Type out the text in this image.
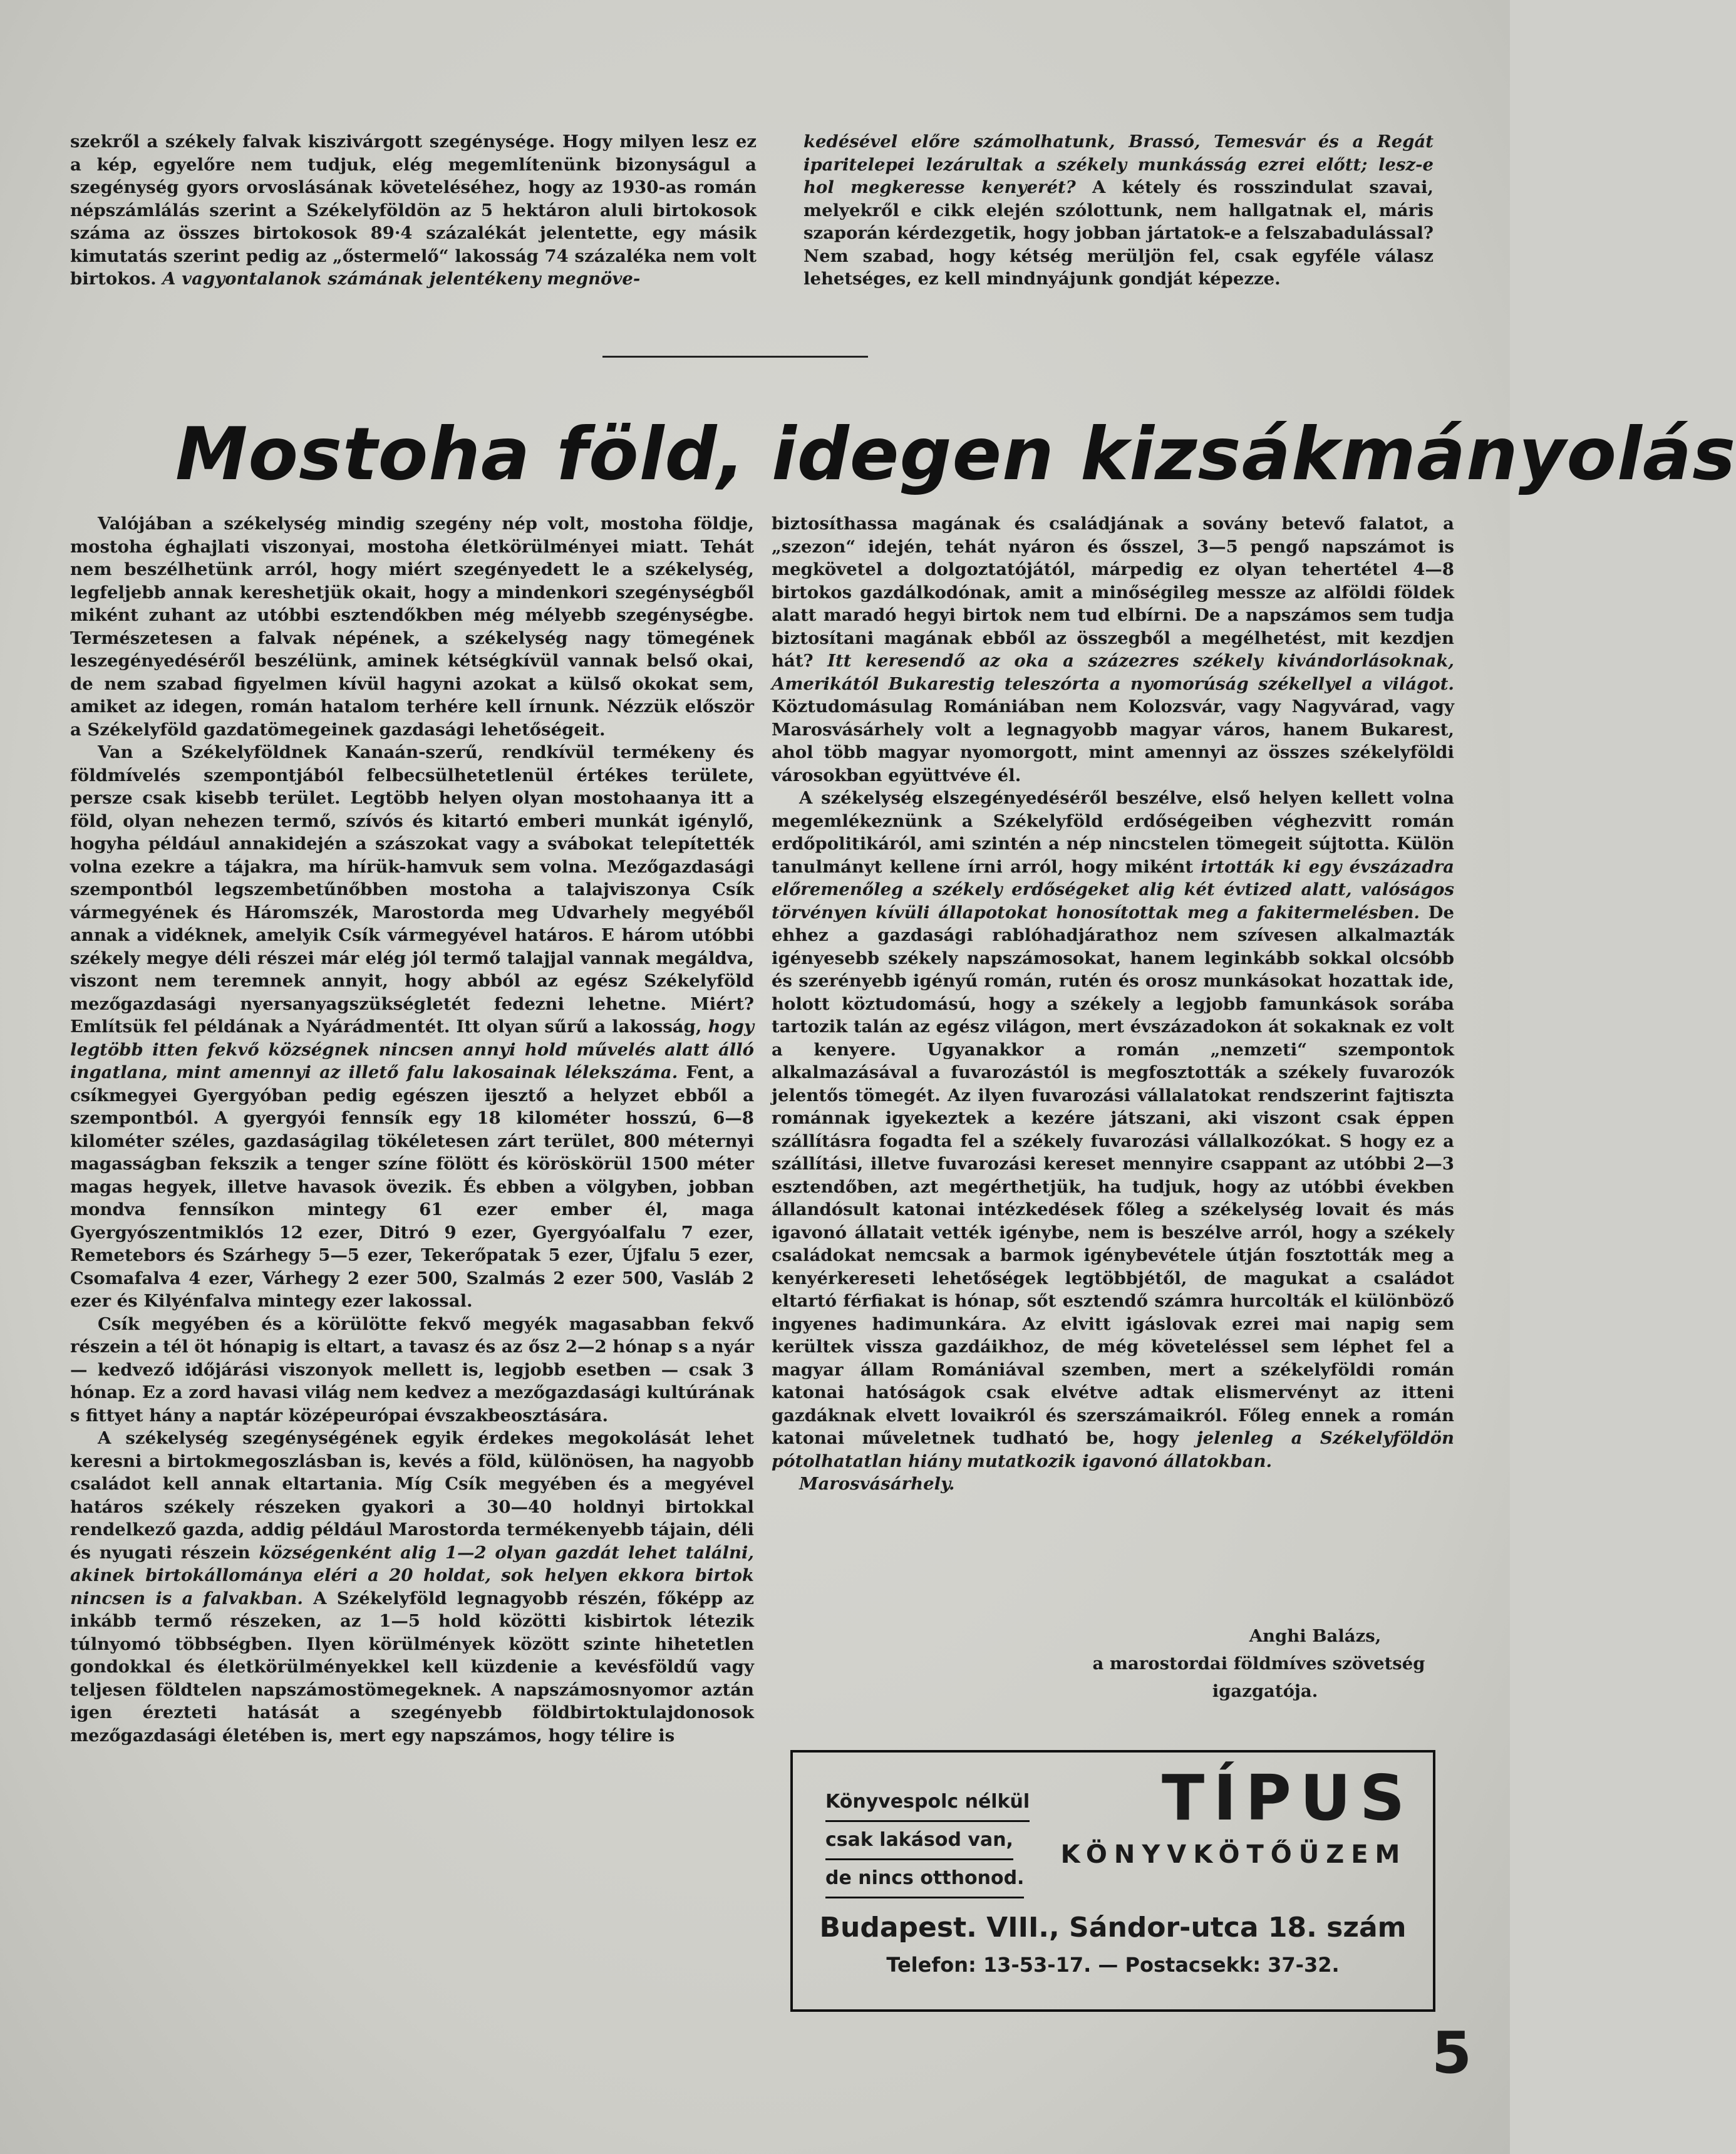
szekről a székely falvak kiszivárgott szegénysége. Hogy milyen lesz ez a kép, egyelőre nem tudjuk, elég megemlítenünk bizonyságul a szegénység gyors orvoslásának követeléséhez, hogy az 1930-as román népszámlálás szerint a Székelyföldön az 5 hektáron aluli birtokosok száma az összes birtokosok 89·4 százalékát jelentette, egy másik kimutatás szerint pedig az „őstermelő“ lakosság 74 százaléka nem volt birtokos. A vagyontalanok számának jelentékeny megnöve-

kedésével előre számolhatunk, Brassó, Temesvár és a Regát iparitelepei lezárultak a székely munkásság ezrei előtt; lesz-e hol megkeresse kenyerét? A kétely és rosszindulat szavai, melyekről e cikk elején szólottunk, nem hallgatnak el, máris szaporán kérdezgetik, hogy jobban jártatok-e a felszabadulással? Nem szabad, hogy kétség merüljön fel, csak egyféle válasz lehetséges, ez kell mindnyájunk gondját képezze.

Mostoha föld, idegen kizsákmányolás

Valójában a székelység mindig szegény nép volt, mostoha földje, mostoha éghajlati viszonyai, mostoha életkörülményei miatt. Tehát nem beszélhetünk arról, hogy miért szegényedett le a székelység, legfeljebb annak kereshetjük okait, hogy a mindenkori szegénységből miként zuhant az utóbbi esztendőkben még mélyebb szegénységbe. Természetesen a falvak népének, a székelység nagy tömegének leszegényedéséről beszélünk, aminek kétségkívül vannak belső okai, de nem szabad figyelmen kívül hagyni azokat a külső okokat sem, amiket az idegen, román hatalom terhére kell írnunk. Nézzük először a Székelyföld gazdatömegeinek gazdasági lehetőségeit.

Van a Székelyföldnek Kanaán-szerű, rendkívül termékeny és földmívelés szempontjából felbecsülhetetlenül értékes területe, persze csak kisebb terület. Legtöbb helyen olyan mostohaanya itt a föld, olyan nehezen termő, szívós és kitartó emberi munkát igénylő, hogyha például annakidején a szászokat vagy a svábokat telepítették volna ezekre a tájakra, ma hírük-hamvuk sem volna. Mezőgazdasági szempontból legszembetűnőbben mostoha a talajviszonya Csík vármegyének és Háromszék, Marostorda meg Udvarhely megyéből annak a vidéknek, amelyik Csík vármegyével határos. E három utóbbi székely megye déli részei már elég jól termő talajjal vannak megáldva, viszont nem teremnek annyit, hogy abból az egész Székelyföld mezőgazdasági nyersanyagszükségletét fedezni lehetne. Miért? Említsük fel példának a Nyárádmentét. Itt olyan sűrű a lakosság, hogy legtöbb itten fekvő községnek nincsen annyi hold művelés alatt álló ingatlana, mint amennyi az illető falu lakosainak lélekszáma. Fent, a csíkmegyei Gyergyóban pedig egészen ijesztő a helyzet ebből a szempontból. A gyergyói fennsík egy 18 kilométer hosszú, 6—8 kilométer széles, gazdaságilag tökéletesen zárt terület, 800 méternyi magasságban fekszik a tenger színe fölött és köröskörül 1500 méter magas hegyek, illetve havasok övezik. És ebben a völgyben, jobban mondva fennsíkon mintegy 61 ezer ember él, maga Gyergyószentmiklós 12 ezer, Ditró 9 ezer, Gyergyóalfalu 7 ezer, Remetebors és Szárhegy 5—5 ezer, Tekerőpatak 5 ezer, Újfalu 5 ezer, Csomafalva 4 ezer, Várhegy 2 ezer 500, Szalmás 2 ezer 500, Vasláb 2 ezer és Kilyénfalva mintegy ezer lakossal.

Csík megyében és a körülötte fekvő megyék magasabban fekvő részein a tél öt hónapig is eltart, a tavasz és az ősz 2—2 hónap s a nyár — kedvező időjárási viszonyok mellett is, legjobb esetben — csak 3 hónap. Ez a zord havasi világ nem kedvez a mezőgazdasági kultúrának s fittyet hány a naptár középeurópai évszakbeosztására.

A székelység szegénységének egyik érdekes megokolását lehet keresni a birtokmegoszlásban is, kevés a föld, különösen, ha nagyobb családot kell annak eltartania. Míg Csík megyében és a megyével határos székely részeken gyakori a 30—40 holdnyi birtokkal rendelkező gazda, addig például Marostorda termékenyebb tájain, déli és nyugati részein községenként alig 1—2 olyan gazdát lehet találni, akinek birtokállománya eléri a 20 holdat, sok helyen ekkora birtok nincsen is a falvakban. A Székelyföld legnagyobb részén, főképp az inkább termő részeken, az 1—5 hold közötti kisbirtok létezik túlnyomó többségben. Ilyen körülmények között szinte hihetetlen gondokkal és életkörülményekkel kell küzdenie a kevésföldű vagy teljesen földtelen napszámostömegeknek. A napszámosnyomor aztán igen érezteti hatását a szegényebb földbirtoktulajdonosok mezőgazdasági életében is, mert egy napszámos, hogy télire is

biztosíthassa magának és családjának a sovány betevő falatot, a „szezon“ idején, tehát nyáron és ősszel, 3—5 pengő napszámot is megkövetel a dolgoztatójától, márpedig ez olyan tehertétel 4—8 birtokos gazdálkodónak, amit a minőségileg messze az alföldi földek alatt maradó hegyi birtok nem tud elbírni. De a napszámos sem tudja biztosítani magának ebből az összegből a megélhetést, mit kezdjen hát? Itt keresendő az oka a százezres székely kivándorlásoknak, Amerikától Bukarestig teleszórta a nyomorúság székellyel a világot. Köztudomásulag Romániában nem Kolozsvár, vagy Nagyvárad, vagy Marosvásárhely volt a legnagyobb magyar város, hanem Bukarest, ahol több magyar nyomorgott, mint amennyi az összes székelyföldi városokban együttvéve él.

A székelység elszegényedéséről beszélve, első helyen kellett volna megemlékeznünk a Székelyföld erdőségeiben véghezvitt román erdőpolitikáról, ami szintén a nép nincstelen tömegeit sújtotta. Külön tanulmányt kellene írni arról, hogy miként irtották ki egy évszázadra előremenőleg a székely erdőségeket alig két évtized alatt, valóságos törvényen kívüli állapotokat honosítottak meg a fakitermelésben. De ehhez a gazdasági rablóhadjárathoz nem szívesen alkalmazták igényesebb székely napszámosokat, hanem leginkább sokkal olcsóbb és szerényebb igényű román, rutén és orosz munkásokat hozattak ide, holott köztudomású, hogy a székely a legjobb famunkások sorába tartozik talán az egész világon, mert évszázadokon át sokaknak ez volt a kenyere. Ugyanakkor a román „nemzeti“ szempontok alkalmazásával a fuvarozástól is megfosztották a székely fuvarozók jelentős tömegét. Az ilyen fuvarozási vállalatokat rendszerint fajtiszta románnak igyekeztek a kezére játszani, aki viszont csak éppen szállításra fogadta fel a székely fuvarozási vállalkozókat. S hogy ez a szállítási, illetve fuvarozási kereset mennyire csappant az utóbbi 2—3 esztendőben, azt megérthetjük, ha tudjuk, hogy az utóbbi években állandósult katonai intézkedések főleg a székelység lovait és más igavonó állatait vették igénybe, nem is beszélve arról, hogy a székely családokat nemcsak a barmok igénybevétele útján fosztották meg a kenyérkereseti lehetőségek legtöbbjétől, de magukat a családot eltartó férfiakat is hónap, sőt esztendő számra hurcolták el különböző ingyenes hadimunkára. Az elvitt igáslovak ezrei mai napig sem kerültek vissza gazdáikhoz, de még követeléssel sem léphet fel a magyar állam Romániával szemben, mert a székelyföldi román katonai hatóságok csak elvétve adtak elismervényt az itteni gazdáknak elvett lovaikról és szerszámaikról. Főleg ennek a román katonai műveletnek tudható be, hogy jelenleg a Székelyföldön pótolhatatlan hiány mutatkozik igavonó állatokban.

Marosvásárhely.

Anghi Balázs,
a marostordai földmíves szövetség
igazgatója.
Könyvespolc nélkül
csak lakásod van,
de nincs otthonod.
TÍPUS
KÖNYVKÖTŐÜZEM
Budapest. VIII., Sándor-utca 18. szám
Telefon: 13-53-17. — Postacsekk: 37-32.
5
